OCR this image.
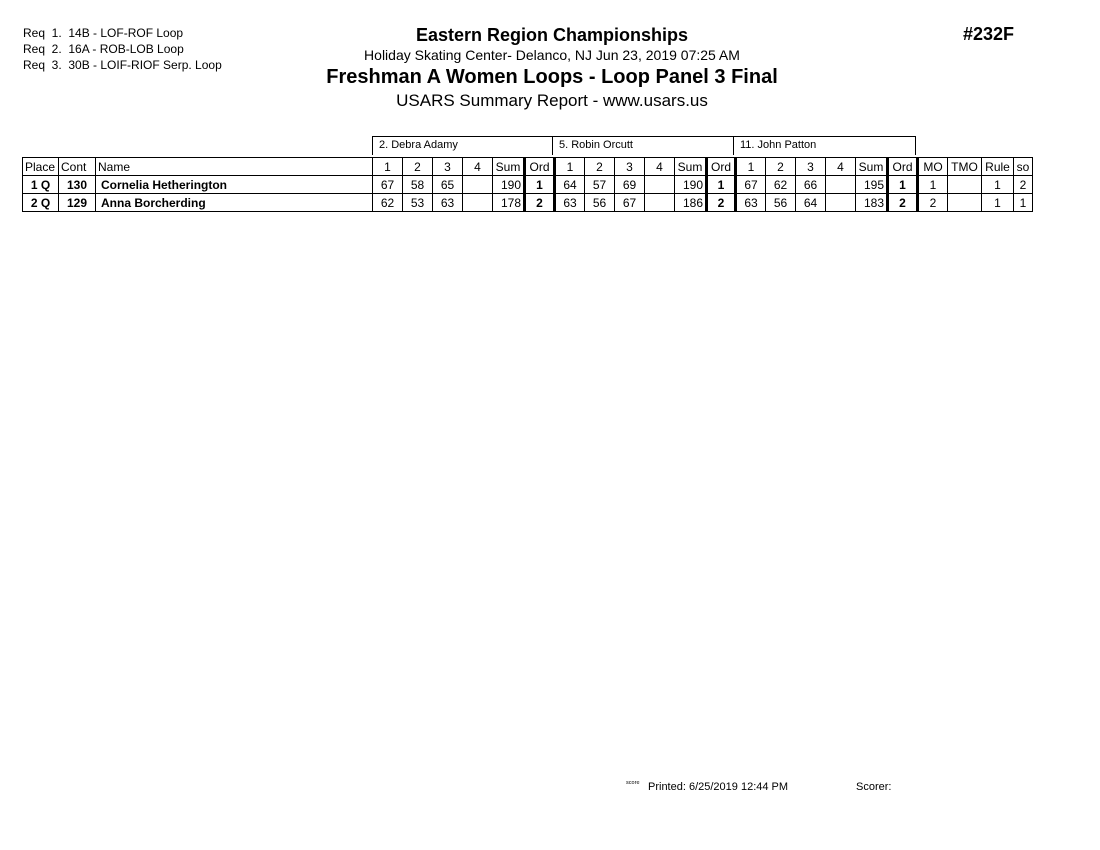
Req  1.  14B - LOF-ROF Loop
Req  2.  16A - ROB-LOB Loop
Req  3.  30B - LOIF-RIOF Serp. Loop
Eastern Region Championships
Holiday Skating Center- Delanco, NJ Jun 23, 2019 07:25 AM
Freshman A Women Loops - Loop Panel 3 Final
USARS Summary Report - www.usars.us
#232F
2. Debra Adamy	5. Robin Orcutt	11. John Patton
Place	Cont	Name	1	2	3	4	Sum	Ord	1	2	3	4	Sum	Ord	1	2	3	4	Sum	Ord	MO	TMO	Rule	so
1 Q	130	Cornelia Hetherington	67	58	65		190	1	64	57	69		190	1	67	62	66		195	1	1		1	2
2 Q	129	Anna Borcherding	62	53	63		178	2	63	56	67		186	2	63	56	64		183	2	2		1	1
ˢᶜᵒʳᵉ Printed: 6/25/2019 12:44 PM	Scorer:
